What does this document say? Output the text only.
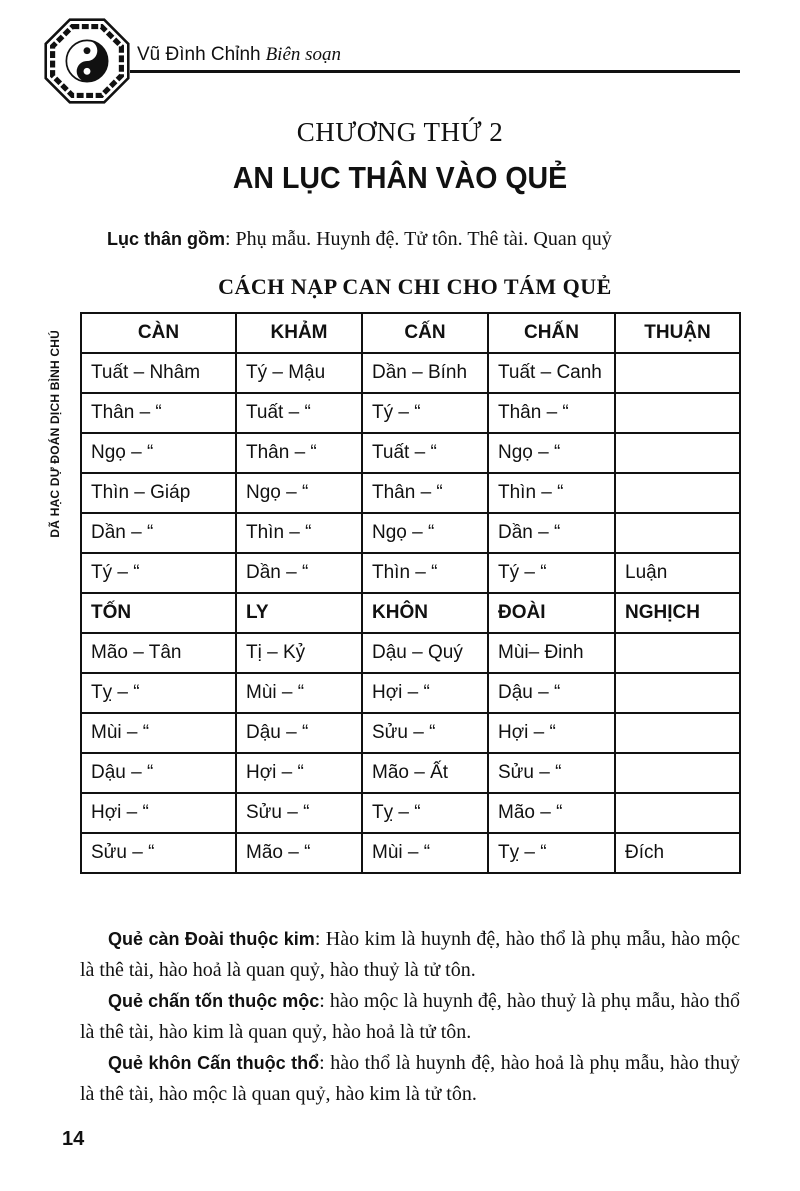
Vũ Đình Chỉnh Biên soạn
DÃ HẠC DỰ ĐOÁN DỊCH BÌNH CHÚ
CHƯƠNG THỨ 2
AN LỤC THÂN VÀO QUẺ
Lục thân gồm: Phụ mẫu. Huynh đệ. Tử tôn. Thê tài. Quan quỷ
CÁCH NẠP CAN CHI CHO TÁM QUẺ
CÀN	KHẢM	CẤN	CHẤN	THUẬN
Tuất – Nhâm	Tý – Mậu	Dần – Bính	Tuất – Canh	
Thân – “	Tuất – “	Tý – “	Thân – “	
Ngọ – “	Thân – “	Tuất – “	Ngọ – “	
Thìn – Giáp	Ngọ – “	Thân – “	Thìn – “	
Dần – “	Thìn – “	Ngọ – “	Dần – “	
Tý – “	Dần – “	Thìn – “	Tý – “	Luận
TỐN	LY	KHÔN	ĐOÀI	NGHỊCH
Mão – Tân	Tị – Kỷ	Dậu – Quý	Mùi– Đinh	
Tỵ – “	Mùi – “	Hợi – “	Dậu – “	
Mùi – “	Dậu – “	Sửu – “	Hợi – “	
Dậu – “	Hợi – “	Mão – Ất	Sửu – “	
Hợi – “	Sửu – “	Tỵ – “	Mão – “	
Sửu – “	Mão – “	Mùi – “	Tỵ – “	Đích
Quẻ càn Đoài thuộc kim: Hào kim là huynh đệ, hào thổ là phụ mẫu, hào mộc là thê tài, hào hoả là quan quỷ, hào thuỷ là tử tôn.
Quẻ chấn tốn thuộc mộc: hào mộc là huynh đệ, hào thuỷ là phụ mẫu, hào thổ là thê tài, hào kim là quan quỷ, hào hoả là tử tôn.
Quẻ khôn Cấn thuộc thổ: hào thổ là huynh đệ, hào hoả là phụ mẫu, hào thuỷ là thê tài, hào mộc là quan quỷ, hào kim là tử tôn.
14
